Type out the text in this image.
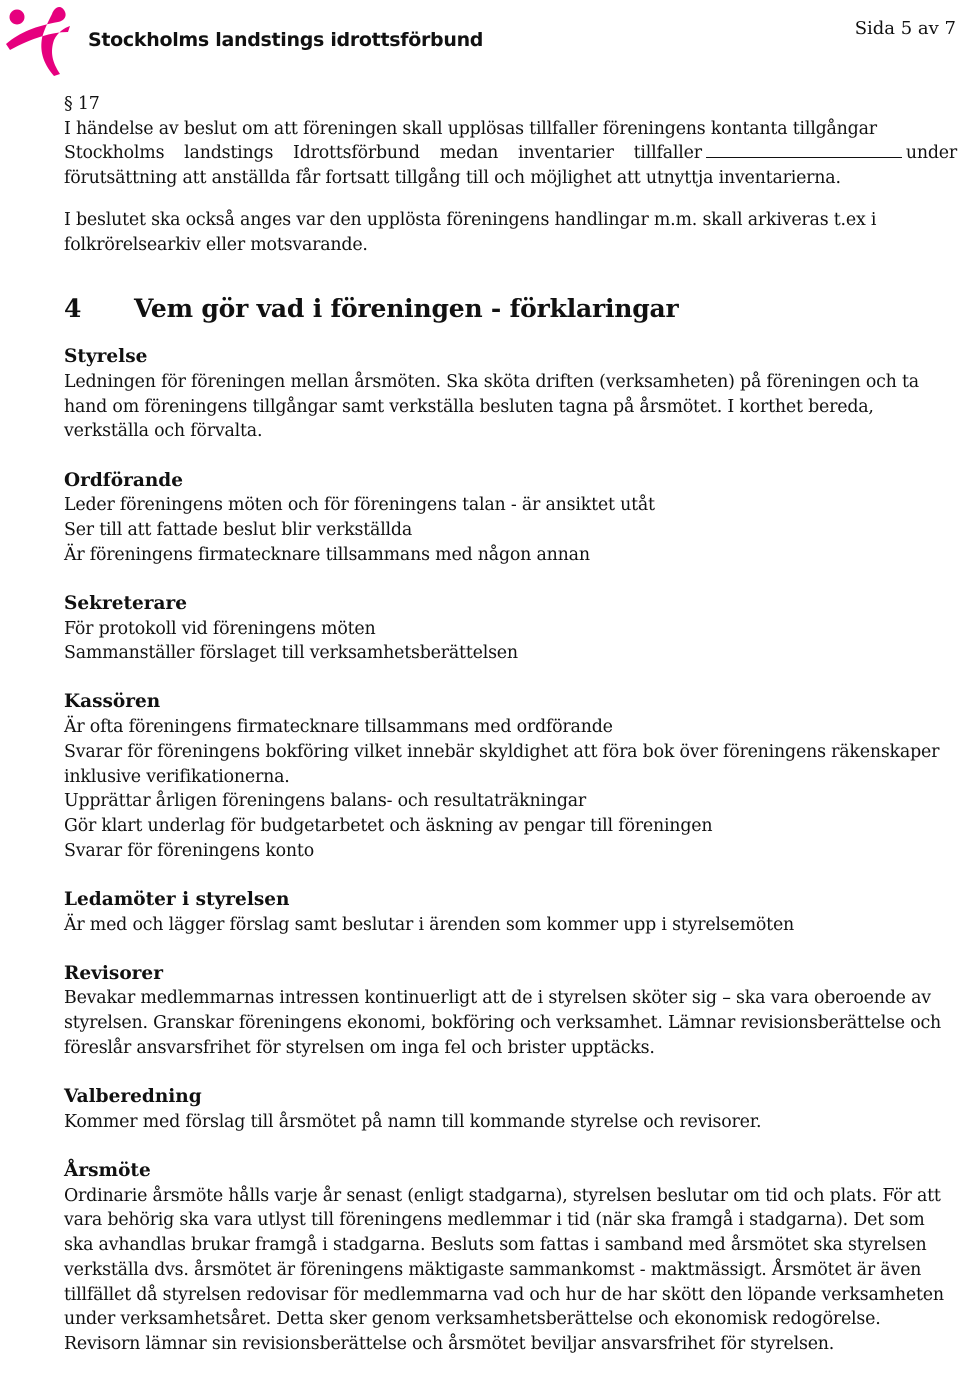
Stockholms landstings idrottsförbund
Sida 5 av 7

§ 17

I händelse av beslut om att föreningen skall upplösas tillfaller föreningens kontanta tillgångar

Stockholms landstings Idrottsförbund medan inventarier tillfaller	under

förutsättning att anställda får fortsatt tillgång till och möjlighet att utnyttja inventarierna.

I beslutet ska också anges var den upplösta föreningens handlingar m.m. skall arkiveras t.ex i folkrörelsearkiv eller motsvarande.

4 Vem gör vad i föreningen - förklaringar

Styrelse

Ledningen för föreningen mellan årsmöten. Ska sköta driften (verksamheten) på föreningen och ta hand om föreningens tillgångar samt verkställa besluten tagna på årsmötet. I korthet bereda, verkställa och förvalta.

Ordförande

Leder föreningens möten och för föreningens talan - är ansiktet utåt

Ser till att fattade beslut blir verkställda

Är föreningens firmatecknare tillsammans med någon annan

Sekreterare

För protokoll vid föreningens möten

Sammanställer förslaget till verksamhetsberättelsen

Kassören

Är ofta föreningens firmatecknare tillsammans med ordförande

Svarar för föreningens bokföring vilket innebär skyldighet att föra bok över föreningens räkenskaper inklusive verifikationerna.

Upprättar årligen föreningens balans- och resultaträkningar

Gör klart underlag för budgetarbetet och äskning av pengar till föreningen

Svarar för föreningens konto

Ledamöter i styrelsen

Är med och lägger förslag samt beslutar i ärenden som kommer upp i styrelsemöten

Revisorer

Bevakar medlemmarnas intressen kontinuerligt att de i styrelsen sköter sig – ska vara oberoende av styrelsen. Granskar föreningens ekonomi, bokföring och verksamhet. Lämnar revisionsberättelse och föreslår ansvarsfrihet för styrelsen om inga fel och brister upptäcks.

Valberedning

Kommer med förslag till årsmötet på namn till kommande styrelse och revisorer.

Årsmöte

Ordinarie årsmöte hålls varje år senast (enligt stadgarna), styrelsen beslutar om tid och plats. För att vara behörig ska vara utlyst till föreningens medlemmar i tid (när ska framgå i stadgarna). Det som ska avhandlas brukar framgå i stadgarna. Besluts som fattas i samband med årsmötet ska styrelsen verkställa dvs. årsmötet är föreningens mäktigaste sammankomst - maktmässigt. Årsmötet är även tillfället då styrelsen redovisar för medlemmarna vad och hur de har skött den löpande verksamheten under verksamhetsåret. Detta sker genom verksamhetsberättelse och ekonomisk redogörelse. Revisorn lämnar sin revisionsberättelse och årsmötet beviljar ansvarsfrihet för styrelsen.
